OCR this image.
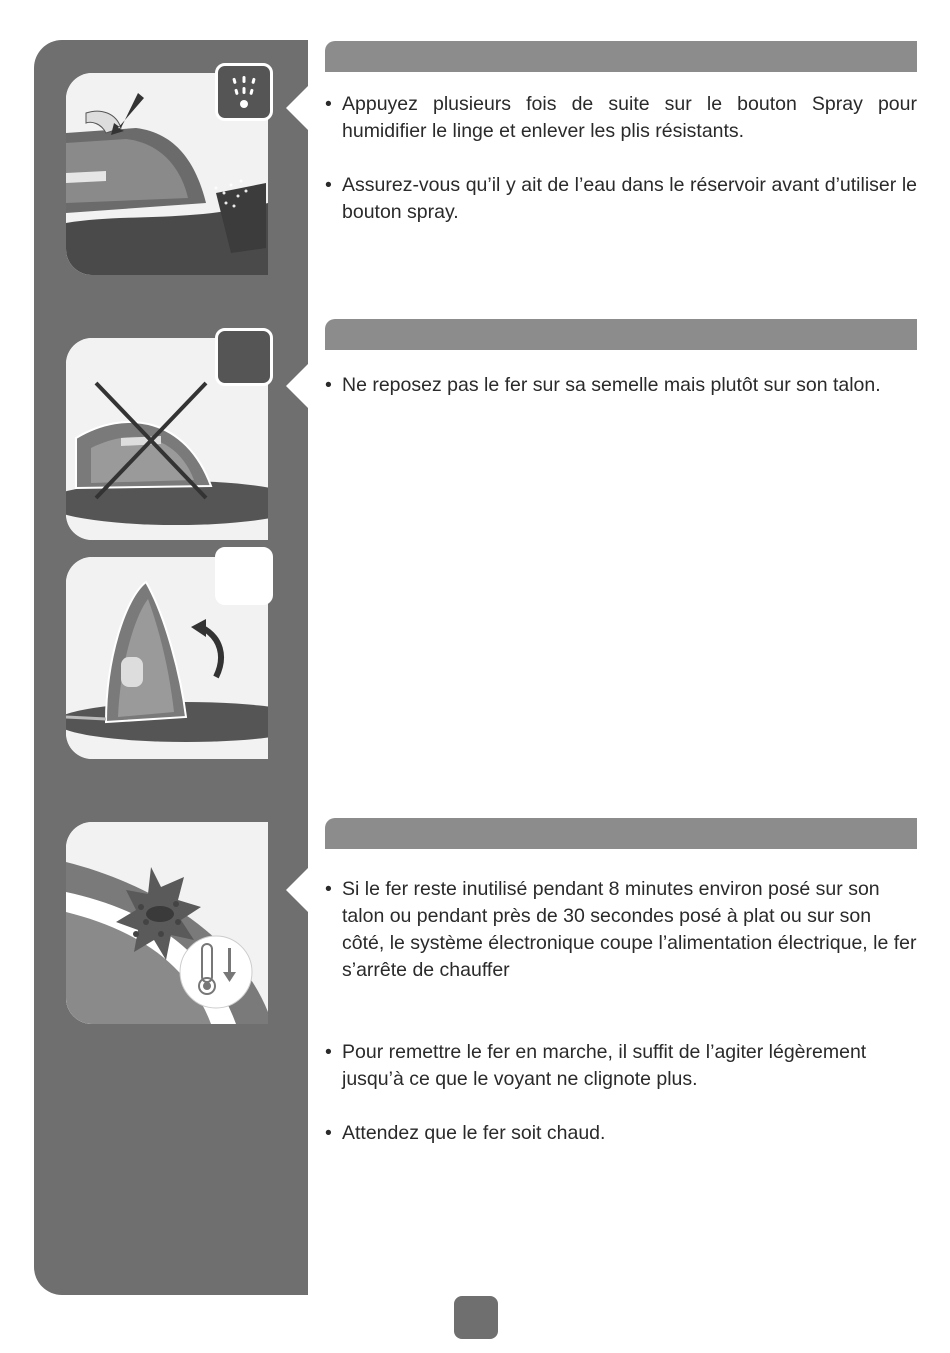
• Appuyez plusieurs fois de suite sur le bouton Spray pour humidifier le linge et enlever les plis résistants.
• Assurez-vous qu’il y ait de l’eau dans le réservoir avant d’utiliser le bouton spray.
• Ne reposez pas le fer sur sa semelle mais plutôt sur son talon.
• Si le fer reste inutilisé pendant 8 minutes environ posé sur son talon ou pendant près de 30 secondes posé à plat ou sur son côté, le système électronique coupe l’alimentation électrique, le fer s’arrête de chauffer
• Pour remettre le fer en marche, il suffit de l’agiter légèrement jusqu’à ce que le voyant ne clignote plus.
• Attendez que le fer soit chaud.
